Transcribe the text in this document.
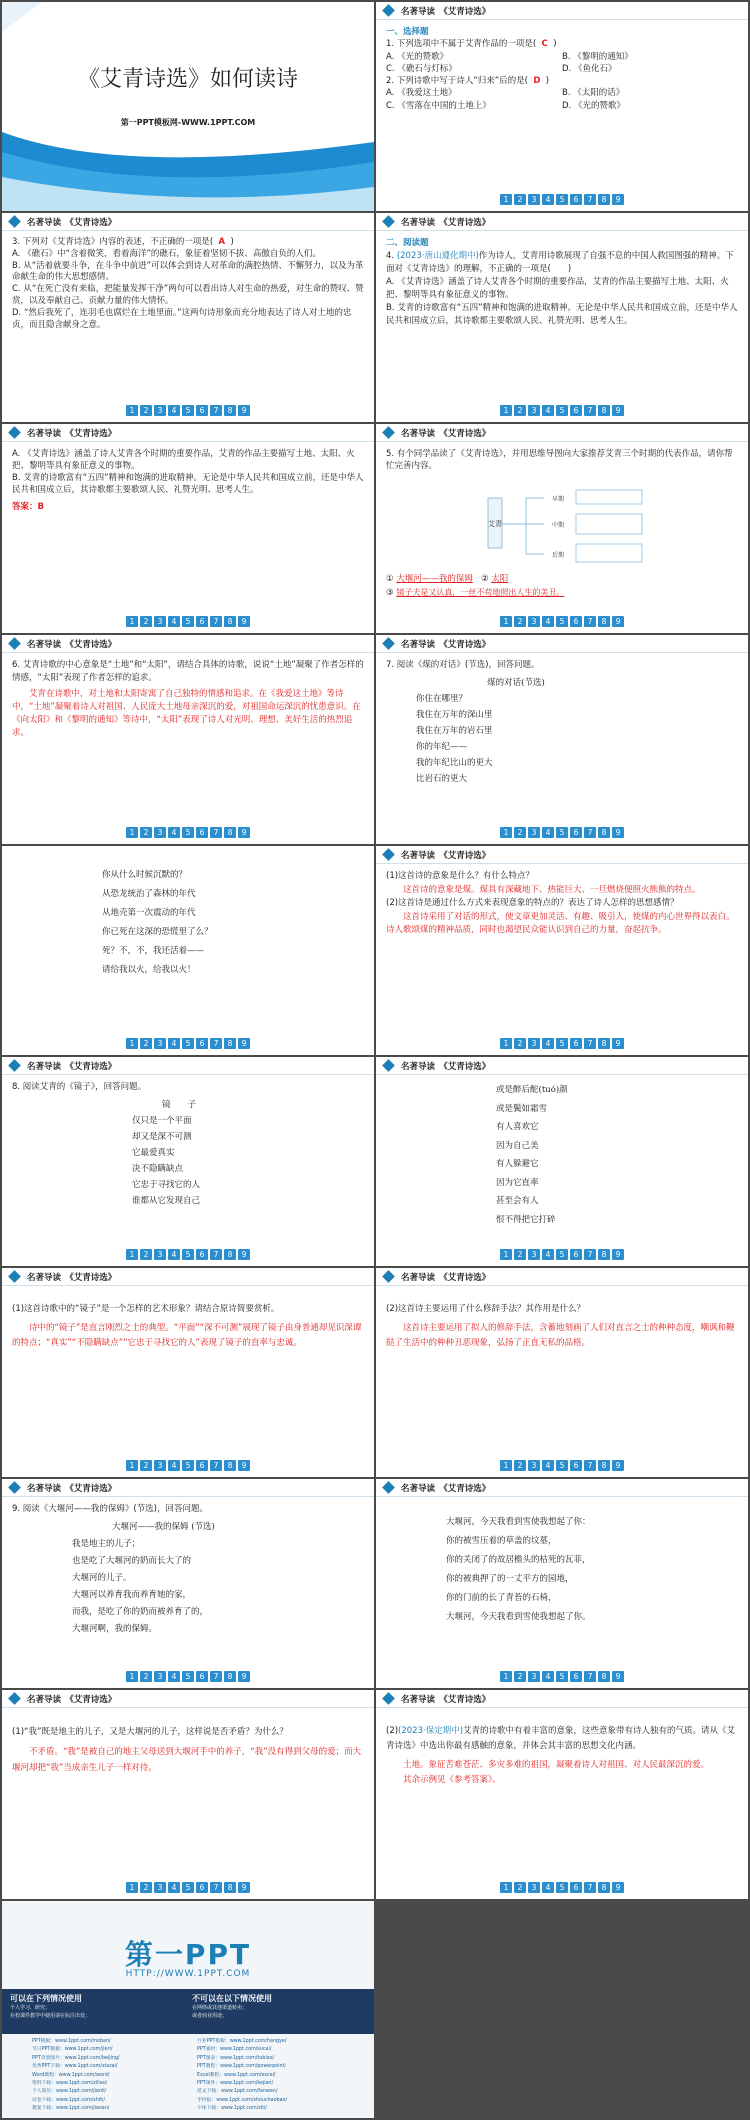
《艾青诗选》如何读诗
第一PPT模板网-WWW.1PPT.COM
名著导读　《艾青诗选》
一、选择题
1. 下列选项中不属于艾青作品的一项是( C  )
A. 《光的赞歌》	B. 《黎明的通知》
C. 《礁石与灯标》	D. 《鱼化石》
2. 下列诗歌中写于诗人“归来”后的是( D  )
A. 《我爱这土地》	B. 《太阳的话》
C. 《雪落在中国的土地上》	D. 《光的赞歌》
1 2 3 4 5 6 7 8 9
名著导读　《艾青诗选》
3. 下列对《艾青诗选》内容的表述，不正确的一项是( A  )
A. 《礁石》中“含着微笑，看着海洋”的礁石，象征着坚韧不拔、高傲自负的人们。
B. 从“活着就要斗争，在斗争中前进”可以体会到诗人对革命的满腔热情、不懈努力，以及为革命献生命的伟大思想感情。
C. 从“在死亡没有来临，把能量发挥干净”两句可以看出诗人对生命的热爱，对生命的赞叹、赞赏，以及奉献自己、贡献力量的伟大情怀。
D. “然后我死了，连羽毛也腐烂在土地里面。”这两句诗形象而充分地表达了诗人对土地的忠贞，而且隐含献身之意。
1 2 3 4 5 6 7 8 9
名著导读　《艾青诗选》
二、阅读题
4. (2023·唐山遵化期中)作为诗人，艾青用诗歌展现了自强不息的中国人救国图强的精神。下面对《艾青诗选》的理解，不正确的一项是(　　)
A. 《艾青诗选》涵盖了诗人艾青各个时期的重要作品，艾青的作品主要描写土地、太阳、火把、黎明等具有象征意义的事物。
B. 艾青的诗歌富有“五四”精神和饱满的进取精神。无论是中华人民共和国成立前，还是中华人民共和国成立后，其诗歌都主要歌颂人民、礼赞光明、思考人生。
1 2 3 4 5 6 7 8 9
名著导读　《艾青诗选》
A. 《艾青诗选》涵盖了诗人艾青各个时期的重要作品，艾青的作品主要描写土地、太阳、火把、黎明等具有象征意义的事物。
B. 艾青的诗歌富有“五四”精神和饱满的进取精神。无论是中华人民共和国成立前，还是中华人民共和国成立后，其诗歌都主要歌颂人民、礼赞光明、思考人生。
答案：B
1 2 3 4 5 6 7 8 9
名著导读　《艾青诗选》
5. 有个同学品读了《艾青诗选》，并用思维导图向大家推荐艾青三个时期的代表作品，请你帮忙完善内容。
艾青
早期
中期
后期
① 大堰河——我的保姆 ② 太阳
③ 镜子夫是又认真，一丝不苟地照出人生的美丑。
1 2 3 4 5 6 7 8 9
名著导读　《艾青诗选》
6. 艾青诗歌的中心意象是“土地”和“太阳”，请结合具体的诗歌，说说“土地”凝聚了作者怎样的情感，“太阳”表现了作者怎样的追求。
艾青在诗歌中，对土地和太阳寄寓了自己独特的情感和追求。在《我爱这土地》等诗中，“土地”凝聚着诗人对祖国、人民庞大土地母亲深沉的爱，对祖国命运深沉的忧患意识。在《向太阳》和《黎明的通知》等诗中，“太阳”表现了诗人对光明、理想、美好生活的热烈追求。
1 2 3 4 5 6 7 8 9
名著导读　《艾青诗选》
7. 阅读《煤的对话》(节选)，回答问题。
煤的对话(节选)
你住在哪里？
我住在万年的深山里
我住在万年的岩石里
你的年纪——
我的年纪比山的更大
比岩石的更大
1 2 3 4 5 6 7 8 9
你从什么时候沉默的？
从恐龙统治了森林的年代
从地壳第一次震动的年代
你已死在这深的恐慌里了么？
死？不，不，我还活着——
请给我以火，给我以火！
1 2 3 4 5 6 7 8 9
名著导读　《艾青诗选》
(1)这首诗的意象是什么？有什么特点？
这首诗的意象是煤。煤具有深藏地下、热能巨大、一旦燃烧便照火熊熊的特点。
(2)这首诗是通过什么方式来表现意象的特点的？表达了诗人怎样的思想感情？
这首诗采用了对话的形式，使文章更加灵活、有趣、吸引人，使煤的内心世界得以表白。诗人歌颂煤的精神品质，同时也渴望民众能认识到自己的力量，奋起抗争。
1 2 3 4 5 6 7 8 9
名著导读　《艾青诗选》
8. 阅读艾青的《镜子》，回答问题。
镜　　子
仅只是一个平面
却又是深不可测
它最爱真实
决不隐瞒缺点
它忠于寻找它的人
谁都从它发现自己
1 2 3 4 5 6 7 8 9
名著导读　《艾青诗选》
或是醉后酡(tuó)颜
或是鬓如霜雪
有人喜欢它
因为自己美
有人躲避它
因为它直率
甚至会有人
恨不得把它打碎
1 2 3 4 5 6 7 8 9
名著导读　《艾青诗选》
(1)这首诗歌中的“镜子”是一个怎样的艺术形象？请结合原诗简要赏析。
诗中的“镜子”是直言刚烈之士的典型。“平面”“深不可测”展现了镜子由身普通却见识深谭的特点；“真实”“不隐瞒缺点”“它忠于寻找它的人”表现了镜子的直率与忠诚。
1 2 3 4 5 6 7 8 9
名著导读　《艾青诗选》
(2)这首诗主要运用了什么修辞手法？其作用是什么？
这首诗主要运用了拟人的修辞手法，含蓄地刻画了人们对直言之士的种种态度，嘲讽和鞭挞了生活中的种种丑恶现象，弘扬了正直无私的品格。
1 2 3 4 5 6 7 8 9
名著导读　《艾青诗选》
9. 阅读《大堰河——我的保姆》(节选)，回答问题。
大堰河——我的保姆 (节选)
我是地主的儿子；
也是吃了大堰河的奶而长大了的
大堰河的儿子。
大堰河以养育我而养育她的家，
而我，是吃了你的奶而被养育了的，
大堰河啊，我的保姆。
1 2 3 4 5 6 7 8 9
名著导读　《艾青诗选》
大堰河，今天我看到雪使我想起了你：
你的被雪压着的草盖的坟墓，
你的关闭了的故居檐头的枯死的瓦菲，
你的被典押了的一丈平方的园地，
你的门前的长了青苔的石椅，
大堰河，今天我看到雪使我想起了你。
1 2 3 4 5 6 7 8 9
名著导读　《艾青诗选》
(1)“我”既是地主的儿子，又是大堰河的儿子，这样说是否矛盾？为什么？
不矛盾。“我”是被自己的地主父母送到大堰河手中的养子，“我”没有得到父母的爱；而大堰河却把“我”当成亲生儿子一样对待。
1 2 3 4 5 6 7 8 9
名著导读　《艾青诗选》
(2)(2023·保定期中)艾青的诗歌中有着丰富的意象，这些意象带有诗人独有的气质。请从《艾青诗选》中选出你最有感触的意象，并体会其丰富的思想文化内涵。
土地。象征苦难苍茫、多灾多难的祖国，凝聚着诗人对祖国、对人民最深沉的爱。
其余示例见《参考答案》。
1 2 3 4 5 6 7 8 9
第一PPT
HTTP://WWW.1PPT.COM
可以在下列情况使用
个人学习、研究；
在校课件教学中使用请在标注出处；
不可以在以下情况使用
在网络或其他渠道转卖；
或者商业用途；
PPT模板：www.1ppt.com/moban/
节日PPT模板：www.1ppt.com/jieri/
PPT背景图片：www.1ppt.com/beijing/
优秀PPT下载：www.1ppt.com/xiazai/
Word教程：www.1ppt.com/word/
资料下载：www.1ppt.com/ziliao/
个人简历：www.1ppt.com/jianli/
试卷下载：www.1ppt.com/shiti/
教案下载：www.1ppt.com/jiaoan/
行业PPT模板：www.1ppt.com/hangye/
PPT素材：www.1ppt.com/sucai/
PPT图表：www.1ppt.com/tubiao/
PPT教程：www.1ppt.com/powerpoint/
Excel教程：www.1ppt.com/excel/
PPT课件：www.1ppt.com/kejian/
范文下载：www.1ppt.com/fanwen/
手抄报：www.1ppt.com/shouchaobao/
字体下载：www.1ppt.com/ziti/
